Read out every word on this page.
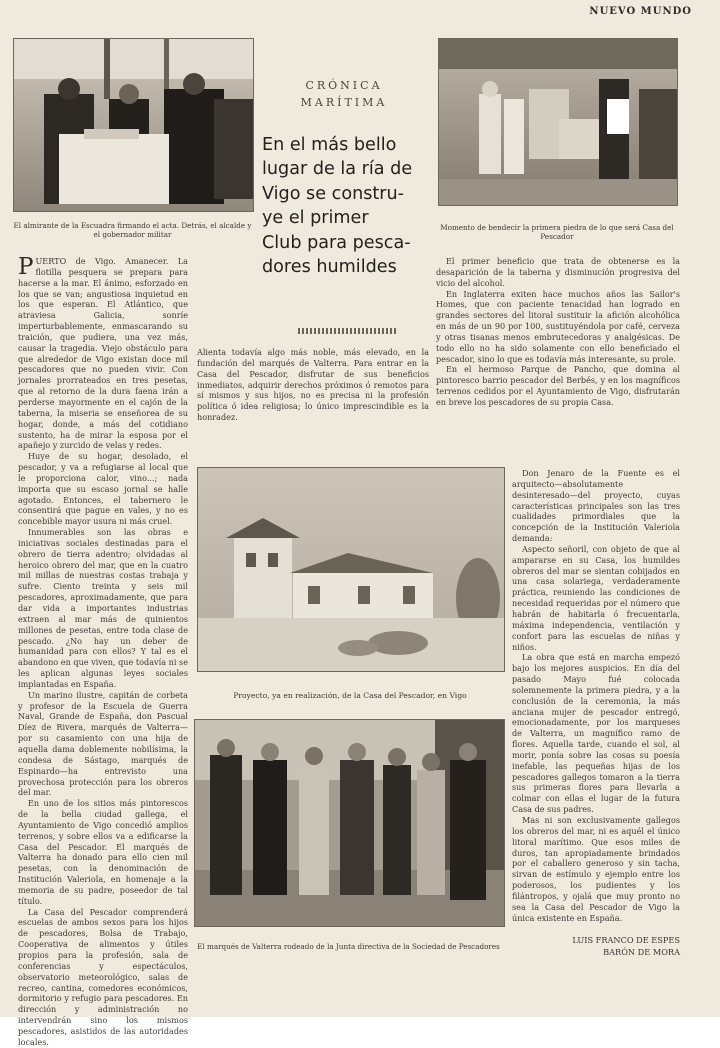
NUEVO MUNDO
El almirante de la Escuadra firmando el acta. Detrás, el alcalde y el gobernador militar
Momento de bendecir la primera piedra de lo que será Casa del Pescador
CRÓNICA
MARÍTIMA
En el más bello
lugar de la ría de
Vigo se constru-
ye el primer
Club para pesca-
dores humildes

PUERTO de Vigo. Amanecer. La flotilla pesquera se prepara para hacerse a la mar. El ánimo, esforzado en los que se van; angustiosa inquietud en los que esperan. El Atlántico, que atraviesa Galicia, sonríe imperturbablemente, enmascarando su traición, que pudiera, una vez más, causar la tragedia. Viejo obstáculo para que alrededor de Vigo existan doce mil pescadores que no pueden vivir. Con jornales prorrateados en tres pesetas, que al retorno de la dura faena irán a perderse mayormente en el cajón de la taberna, la miseria se enseñorea de su hogar, donde, a más del cotidiano sustento, ha de mirar la esposa por el apañejo y zurcido de velas y redes.

Huye de su hogar, desolado, el pescador, y va a refugiarse al local que le proporciona calor, vino...; nada importa que su escaso jornal se halle agotado. Entonces, el tabernero le consentirá que pague en vales, y no es concebible mayor usura ni más cruel.

Innumerables son las obras e iniciativas sociales destinadas para el obrero de tierra adentro; olvidadas al heroico obrero del mar, que en la cuatro mil millas de nuestras costas trabaja y sufre. Ciento treinta y seis mil pescadores, aproximadamente, que para dar vida a importantes industrias extraen al mar más de quinientos millones de pesetas, entre toda clase de pescado. ¿No hay un deber de humanidad para con ellos? Y tal es el abandono en que viven, que todavía ni se les aplican algunas leyes sociales implantadas en España.

Un marino ilustre, capitán de corbeta y profesor de la Escuela de Guerra Naval, Grande de España, don Pascual Díez de Rivera, marqués de Valterra—por su casamiento con una hija de aquella dama doblemente nobilísima, la condesa de Sástago, marqués de Espinardo—ha entrevisto una provechosa protección para los obreros del mar.

En uno de los sitios más pintorescos de la bella ciudad gallega, el Ayuntamiento de Vigo concedió amplios terrenos, y sobre ellos va a edificarse la Casa del Pescador. El marqués de Valterra ha donado para ello cien mil pesetas, con la denominación de Institución Valeriola, en homenaje a la memoria de su padre, poseedor de tal título.

La Casa del Pescador comprenderá escuelas de ambos sexos para los hijos de pescadores, Bolsa de Trabajo, Cooperativa de alimentos y útiles propios para la profesión, sala de conferencias y espectáculos, observatorio meteorológico, salas de recreo, cantina, comedores económicos, dormitorio y refugio para pescadores. En dirección y administración no intervendrán sino los mismos pescadores, asistidos de las autoridades locales.

Alienta todavía algo más noble, más elevado, en la fundación del marqués de Valterra. Para entrar en la Casa del Pescador, disfrutar de sus beneficios inmediatos, adquirir derechos próximos ó remotos para sí mismos y sus hijos, no es precisa ni la profesión política ó idea religiosa; lo único imprescindible es la honradez.

El primer beneficio que trata de obtenerse es la desaparición de la taberna y disminución progresiva del vicio del alcohol.

En Inglaterra exiten hace muchos años las Sailor's Homes, que con paciente tenacidad han logrado en grandes sectores del litoral sustituir la afición alcohólica en más de un 90 por 100, sustituyéndola por café, cerveza y otras tisanas menos embrutecedoras y analgésicas. De todo ello no ha sido solamente con ello beneficiado el pescador, sino lo que es todavía más interesante, su prole.

En el hermoso Parque de Pancho, que domina al pintoresco barrio pescador del Berbés, y en los magníficos terrenos cedidos por el Ayuntamiento de Vigo, disfrutarán en breve los pescadores de su propia Casa.

Don Jenaro de la Fuente es el arquitecto—absolutamente desinteresado—del proyecto, cuyas características principales son las tres cualidades primordiales que la concepción de la Institución Valeriola demanda:

Aspecto señoril, con objeto de que al ampararse en su Casa, los humildes obreros del mar se sientan cobijados en una casa solariega, verdaderamente práctica, reuniendo las condiciones de necesidad requeridas por el número que habrán de habitarla ó frecuentarla, máxima independencia, ventilación y confort para las escuelas de niñas y niños.

La obra que está en marcha empezó bajo los mejores auspicios. En día del pasado Mayo fué colocada solemnemente la primera piedra, y a la conclusión de la ceremonia, la más anciana mujer de pescador entregó, emocionadamente, por los marqueses de Valterra, un magnífico ramo de flores. Aquella tarde, cuando el sol, al morir, ponía sobre las cosas su poesía inefable, las pequeñas hijas de los pescadores gallegos tomaron a la tierra sus primeras flores para llevarla a colmar con ellas el lugar de la futura Casa de sus padres.

Mas ni son exclusivamente gallegos los obreros del mar, ni es aquél el único litoral marítimo. Que esos miles de duros, tan apropiadamente brindados por el caballero generoso y sin tacha, sirvan de estímulo y ejemplo entre los poderosos, los pudientes y los filántropos, y ojalá que muy pronto no sea la Casa del Pescador de Vigo la única existente en España.

Proyecto, ya en realización, de la Casa del Pescador, en Vigo
El marqués de Valterra rodeado de la Junta directiva de la Sociedad de Pescadores
LUIS FRANCO DE ESPES
BARÓN DE MORA
